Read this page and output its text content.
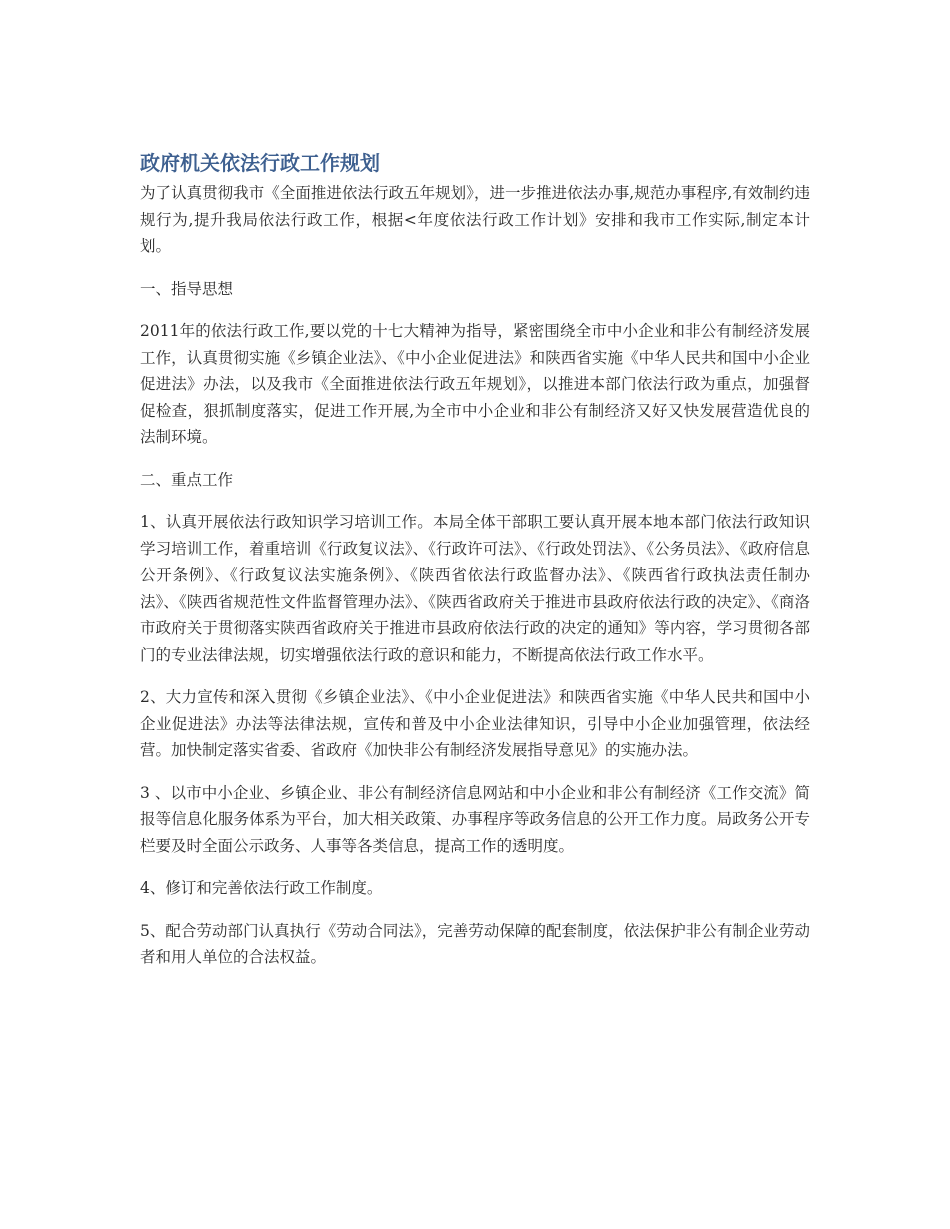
政府机关依法行政工作规划

为了认真贯彻我市《全面推进依法行政五年规划》，进一步推进依法办事,规范办事程序,有效制约违规行为,提升我局依法行政工作，根据<年度依法行政工作计划》安排和我市工作实际,制定本计划。

一、指导思想

2011年的依法行政工作,要以党的十七大精神为指导，紧密围绕全市中小企业和非公有制经济发展工作，认真贯彻实施《乡镇企业法》、《中小企业促进法》和陕西省实施《中华人民共和国中小企业促进法》办法，以及我市《全面推进依法行政五年规划》，以推进本部门依法行政为重点，加强督促检查，狠抓制度落实，促进工作开展,为全市中小企业和非公有制经济又好又快发展营造优良的法制环境。

二、重点工作

1、认真开展依法行政知识学习培训工作。本局全体干部职工要认真开展本地本部门依法行政知识学习培训工作，着重培训《行政复议法》、《行政许可法》、《行政处罚法》、《公务员法》、《政府信息公开条例》、《行政复议法实施条例》、《陕西省依法行政监督办法》、《陕西省行政执法责任制办法》、《陕西省规范性文件监督管理办法》、《陕西省政府关于推进市县政府依法行政的决定》、《商洛市政府关于贯彻落实陕西省政府关于推进市县政府依法行政的决定的通知》等内容，学习贯彻各部门的专业法律法规，切实增强依法行政的意识和能力，不断提高依法行政工作水平。

2、大力宣传和深入贯彻《乡镇企业法》、《中小企业促进法》和陕西省实施《中华人民共和国中小企业促进法》办法等法律法规，宣传和普及中小企业法律知识，引导中小企业加强管理，依法经营。加快制定落实省委、省政府《加快非公有制经济发展指导意见》的实施办法。

3 、以市中小企业、乡镇企业、非公有制经济信息网站和中小企业和非公有制经济《工作交流》简报等信息化服务体系为平台，加大相关政策、办事程序等政务信息的公开工作力度。局政务公开专栏要及时全面公示政务、人事等各类信息，提高工作的透明度。

4、修订和完善依法行政工作制度。

5、配合劳动部门认真执行《劳动合同法》，完善劳动保障的配套制度，依法保护非公有制企业劳动者和用人单位的合法权益。
